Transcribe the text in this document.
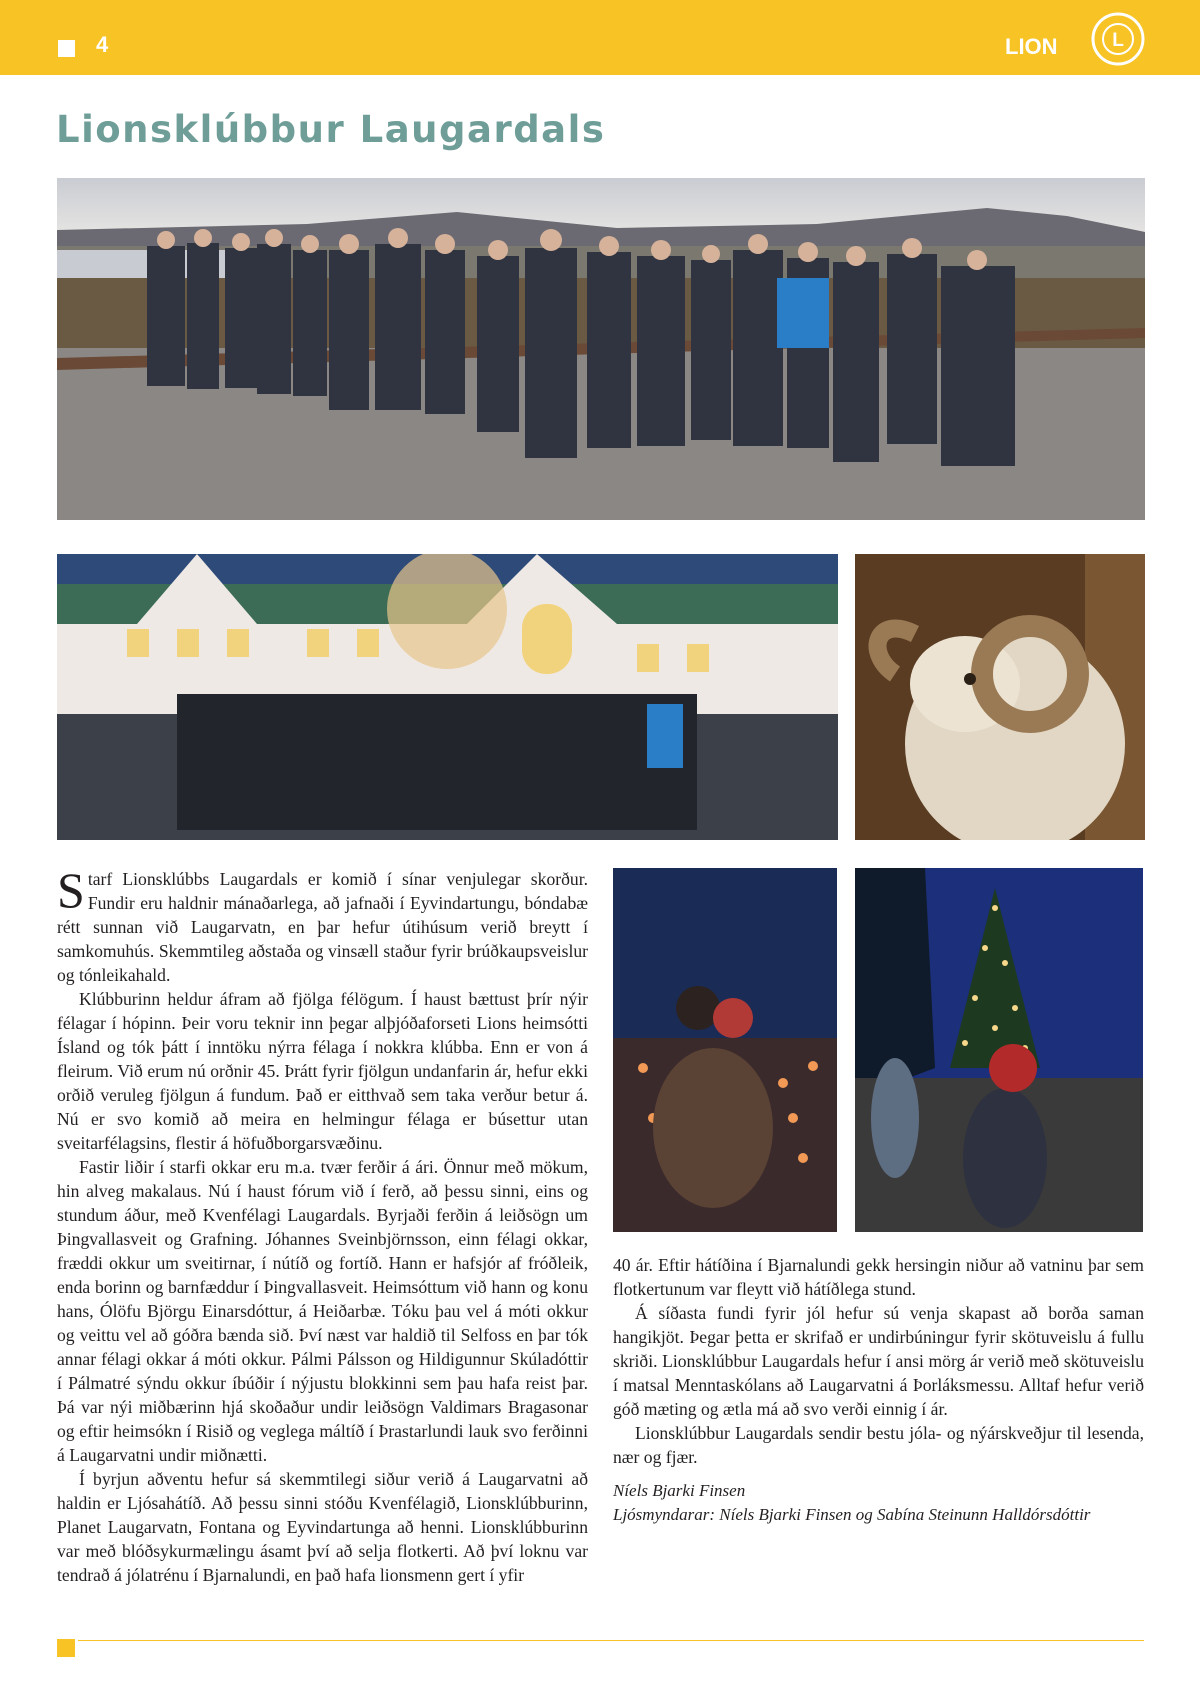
4	LION	L
Lionsklúbbur Laugardals

Starf Lionsklúbbs Laugardals er komið í sínar venjulegar skorður. Fundir eru haldnir mánaðarlega, að jafnaði í Eyvindartungu, bóndabæ rétt sunnan við Laugarvatn, en þar hefur útihúsum verið breytt í samkomuhús. Skemmtileg aðstaða og vinsæll staður fyrir brúðkaupsveislur og tónleikahald.

Klúbburinn heldur áfram að fjölga félögum. Í haust bættust þrír nýir félagar í hópinn. Þeir voru teknir inn þegar alþjóðaforseti Lions heimsótti Ísland og tók þátt í inntöku nýrra félaga í nokkra klúbba. Enn er von á fleirum. Við erum nú orðnir 45. Þrátt fyrir fjölgun undanfarin ár, hefur ekki orðið veruleg fjölgun á fundum. Það er eitthvað sem taka verður betur á. Nú er svo komið að meira en helmingur félaga er búsettur utan sveitarfélagsins, flestir á höfuðborgarsvæðinu.

Fastir liðir í starfi okkar eru m.a. tvær ferðir á ári. Önnur með mökum, hin alveg makalaus. Nú í haust fórum við í ferð, að þessu sinni, eins og stundum áður, með Kvenfélagi Laugardals. Byrjaði ferðin á leiðsögn um Þingvallasveit og Grafning. Jóhannes Sveinbjörnsson, einn félagi okkar, fræddi okkur um sveitirnar, í nútíð og fortíð. Hann er hafsjór af fróðleik, enda borinn og barnfæddur í Þingvallasveit. Heimsóttum við hann og konu hans, Ólöfu Björgu Einarsdóttur, á Heiðarbæ. Tóku þau vel á móti okkur og veittu vel að góðra bænda sið. Því næst var haldið til Selfoss en þar tók annar félagi okkar á móti okkur. Pálmi Pálsson og Hildigunnur Skúladóttir í Pálmatré sýndu okkur íbúðir í nýjustu blokkinni sem þau hafa reist þar. Þá var nýi miðbærinn hjá skoðaður undir leiðsögn Valdimars Bragasonar og eftir heimsókn í Risið og veglega máltíð í Þrastarlundi lauk svo ferðinni á Laugarvatni undir miðnætti.

Í byrjun aðventu hefur sá skemmtilegi siður verið á Laugarvatni að haldin er Ljósahátíð. Að þessu sinni stóðu Kvenfélagið, Lionsklúbburinn, Planet Laugarvatn, Fontana og Eyvindartunga að henni. Lionsklúbburinn var með blóðsykurmælingu ásamt því að selja flotkerti. Að því loknu var tendrað á jólatrénu í Bjarnalundi, en það hafa lionsmenn gert í yfir

40 ár. Eftir hátíðina í Bjarnalundi gekk hersingin niður að vatninu þar sem flotkertunum var fleytt við hátíðlega stund.

Á síðasta fundi fyrir jól hefur sú venja skapast að borða saman hangikjöt. Þegar þetta er skrifað er undirbúningur fyrir skötuveislu á fullu skriði. Lionsklúbbur Laugardals hefur í ansi mörg ár verið með skötuveislu í matsal Menntaskólans að Laugarvatni á Þorláksmessu. Alltaf hefur verið góð mæting og ætla má að svo verði einnig í ár.

Lionsklúbbur Laugardals sendir bestu jóla- og nýárskveðjur til lesenda, nær og fjær.

Níels Bjarki Finsen
Ljósmyndarar: Níels Bjarki Finsen og Sabína Steinunn Halldórsdóttir
